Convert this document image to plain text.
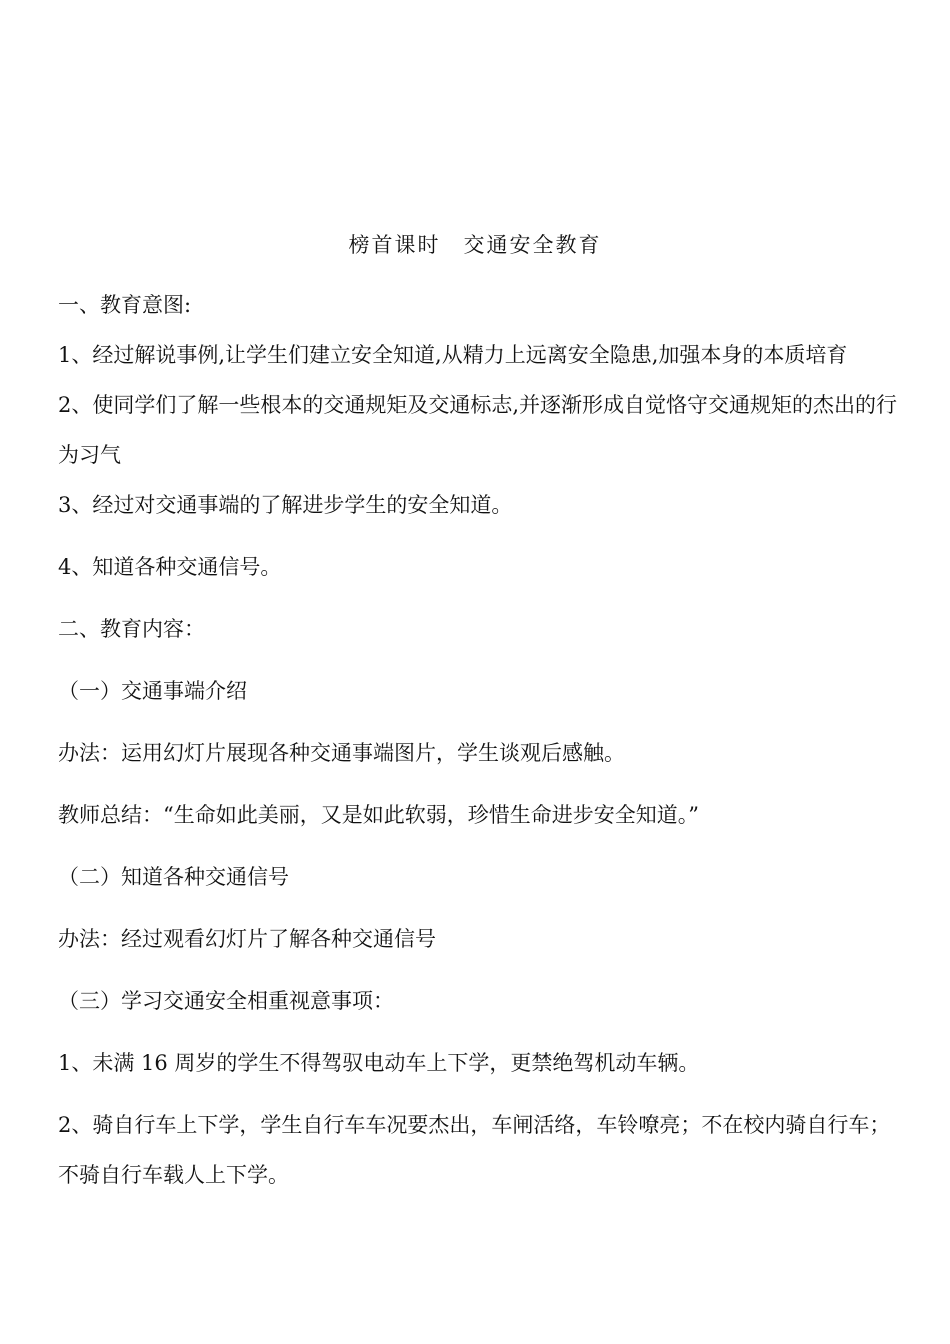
榜首课时　交通安全教育

一、教育意图:

1、经过解说事例,让学生们建立安全知道,从精力上远离安全隐患,加强本身的本质培育

2、使同学们了解一些根本的交通规矩及交通标志,并逐渐形成自觉恪守交通规矩的杰出的行为习气

3、经过对交通事端的了解进步学生的安全知道。

4、知道各种交通信号。

二、教育内容：

（一）交通事端介绍

办法：运用幻灯片展现各种交通事端图片，学生谈观后感触。

教师总结：“生命如此美丽，又是如此软弱，珍惜生命进步安全知道。”

（二）知道各种交通信号

办法：经过观看幻灯片了解各种交通信号

（三）学习交通安全相重视意事项：

1、未满 16 周岁的学生不得驾驭电动车上下学，更禁绝驾机动车辆。

2、骑自行车上下学，学生自行车车况要杰出，车闸活络，车铃嘹亮；不在校内骑自行车；不骑自行车载人上下学。
